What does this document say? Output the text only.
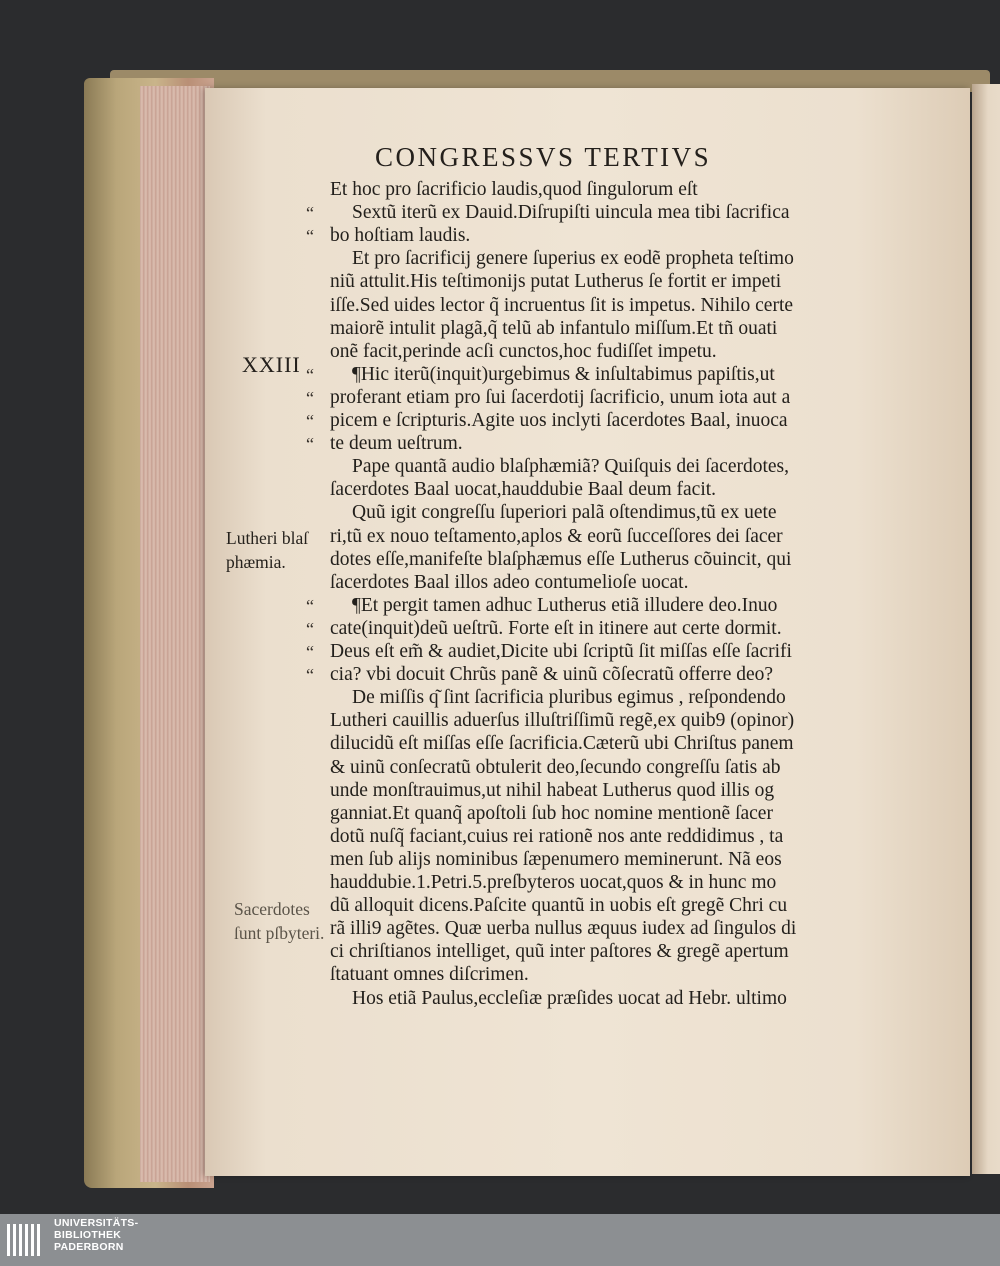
CONGRESSVS TERTIVS
XXIII
Lutheri blaſ
phæmia.
Sacerdotes
ſunt pſbyteri.
Et hoc pro ſacrificio laudis,quod ſingulorum eſt
Sextũ iterũ ex Dauid.Diſrupiſti uincula mea tibi ſacrifica
“
bo hoſtiam laudis.
“
Et pro ſacrificij genere ſuperius ex eodẽ propheta teſtimo
niũ attulit.His teſtimonijs putat Lutherus ſe fortit er impeti
iſſe.Sed uides lector q̃ incruentus ſit is impetus. Nihilo certe
maiorẽ intulit plagã,q̃ telũ ab infantulo miſſum.Et tñ ouati
onẽ facit,perinde acſi cunctos,hoc fudiſſet impetu.
¶Hic iterũ(inquit)urgebimus & inſultabimus papiſtis,ut
“
proferant etiam pro ſui ſacerdotij ſacrificio, unum iota aut a
“
picem e ſcripturis.Agite uos inclyti ſacerdotes Baal, inuoca
“
te deum ueſtrum.
“
Pape quantã audio blaſphæmiã? Quiſquis dei ſacerdotes,
ſacerdotes Baal uocat,hauddubie Baal deum facit.
Quũ igit congreſſu ſuperiori palã oſtendimus,tũ ex uete
ri,tũ ex nouo teſtamento,aplos & eorũ ſucceſſores dei ſacer
dotes eſſe,manifeſte blaſphæmus eſſe Lutherus cõuincit, qui
ſacerdotes Baal illos adeo contumelioſe uocat.
¶Et pergit tamen adhuc Lutherus etiã illudere deo.Inuo
“
cate(inquit)deũ ueſtrũ. Forte eſt in itinere aut certe dormit.
“
Deus eſt em̃ & audiet,Dicite ubi ſcriptũ ſit miſſas eſſe ſacrifi
“
cia? vbi docuit Chrũs panẽ & uinũ cõſecratũ offerre deo?
“
De miſſis q͂ ſint ſacrificia pluribus egimus , reſpondendo
Lutheri cauillis aduerſus illuſtriſſimũ regẽ,ex quib9 (opinor)
dilucidũ eſt miſſas eſſe ſacrificia.Cæterũ ubi Chriſtus panem
& uinũ conſecratũ obtulerit deo,ſecundo congreſſu ſatis ab
unde monſtrauimus,ut nihil habeat Lutherus quod illis og
ganniat.Et quanq̃ apoſtoli ſub hoc nomine mentionẽ ſacer
dotũ nuſq̃ faciant,cuius rei rationẽ nos ante reddidimus , ta
men ſub alijs nominibus ſæpenumero meminerunt. Nã eos
hauddubie.1.Petri.5.preſbyteros uocat,quos & in hunc mo
dũ alloquit dicens.Paſcite quantũ in uobis eſt gregẽ Chri cu
rã illi9 agẽtes. Quæ uerba nullus æquus iudex ad ſingulos di
ci chriſtianos intelliget, quũ inter paſtores & gregẽ apertum
ſtatuant omnes diſcrimen.
Hos etiã Paulus,eccleſiæ præſides uocat ad Hebr. ultimo
UNIVERSITÄTS-
BIBLIOTHEK
PADERBORN
